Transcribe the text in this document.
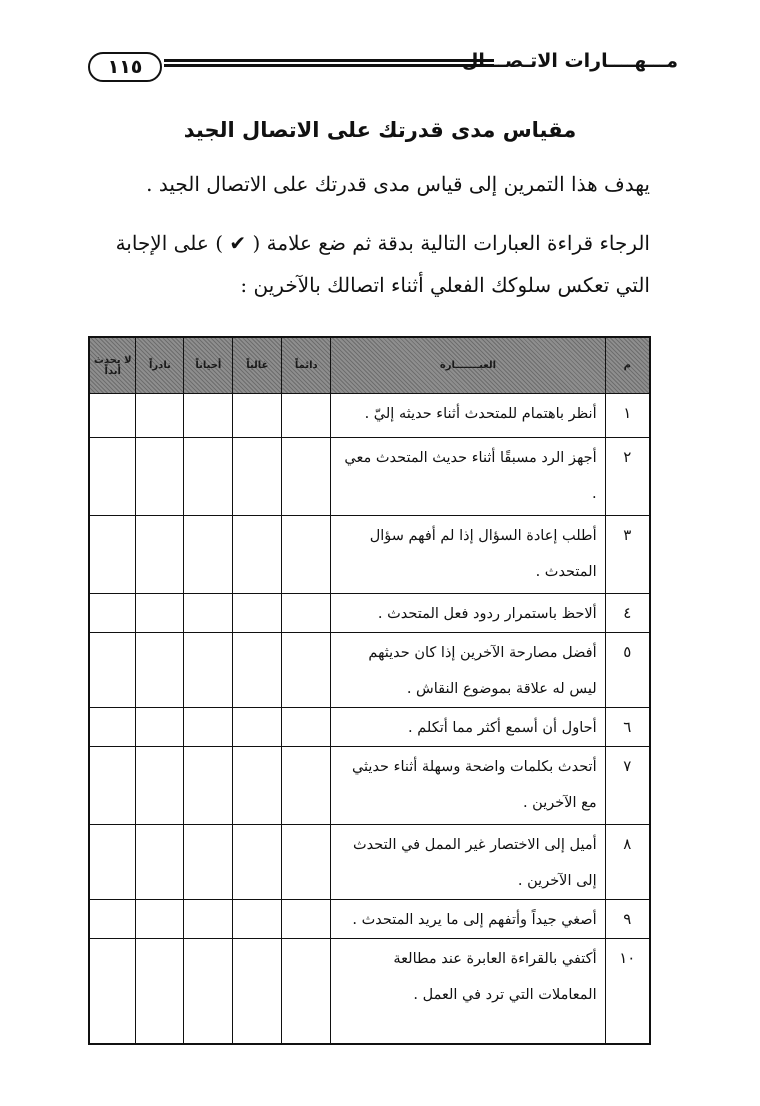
١١٥	مـــهــــارات الاتـصـــال
مقياس مدى قدرتك على الاتصال الجيد
يهدف هذا التمرين إلى قياس مدى قدرتك على الاتصال الجيد .
الرجاء قراءة العبارات التالية بدقة ثم ضع علامة ( ✔ ) على الإجابة
التي تعكس سلوكك الفعلي أثناء اتصالك بالآخرين :
م	العبـــــــارة	دائماً	غالباً	أحياناً	نادراً	لا يحدث أبداً
١	أنظر باهتمام للمتحدث أثناء حديثه إليّ .					
٢	أجهز الرد مسبقًا أثناء حديث المتحدث معي .					
٣	أطلب إعادة السؤال إذا لم أفهم سؤال المتحدث .					
٤	ألاحظ باستمرار ردود فعل المتحدث .					
٥	أفضل مصارحة الآخرين إذا كان حديثهم ليس له علاقة بموضوع النقاش .					
٦	أحاول أن أسمع أكثر مما أتكلم .					
٧	أتحدث بكلمات واضحة وسهلة أثناء حديثي مع الآخرين .					
٨	أميل إلى الاختصار غير الممل في التحدث إلى الآخرين .					
٩	أصغي جيداً وأتفهم إلى ما يريد المتحدث .					
١٠	أكتفي بالقراءة العابرة عند مطالعة المعاملات التي ترد في العمل .					
